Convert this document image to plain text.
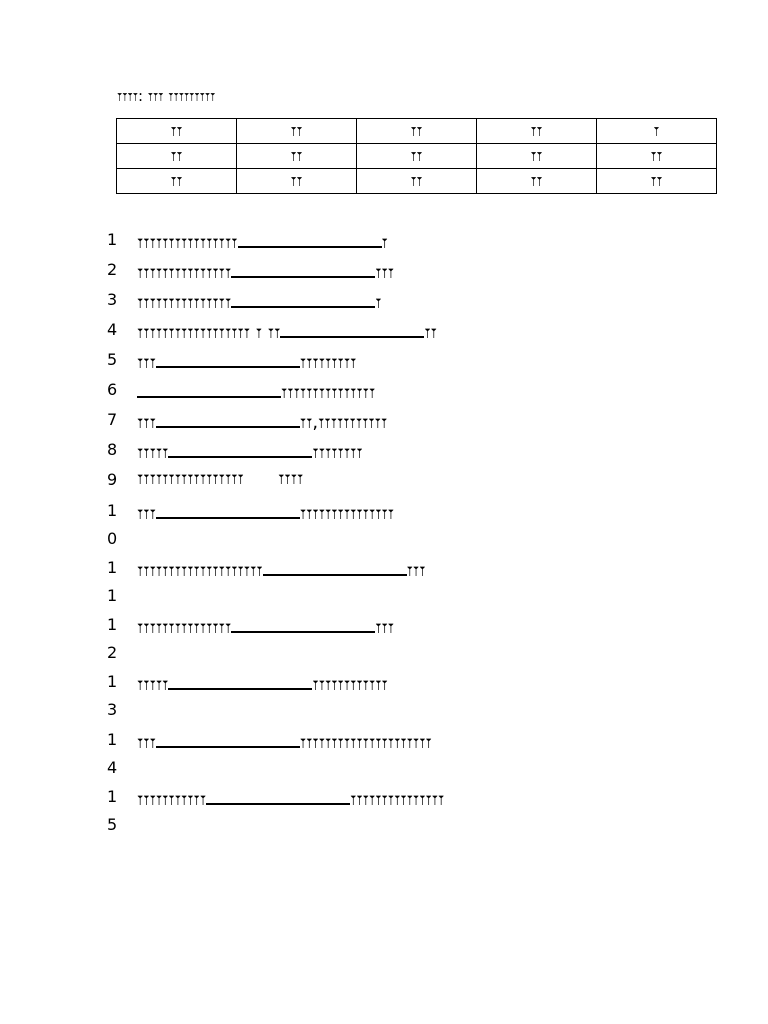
𐏑𐏑𐏑𐏑: 𐏑𐏑𐏑 𐏑𐏑𐏑𐏑𐏑𐏑𐏑𐏑𐏑
𐏑𐏑	𐏑𐏑	𐏑𐏑	𐏑𐏑	𐏑
𐏑𐏑	𐏑𐏑	𐏑𐏑	𐏑𐏑	𐏑𐏑
𐏑𐏑	𐏑𐏑	𐏑𐏑	𐏑𐏑	𐏑𐏑
1	𐏑𐏑𐏑𐏑𐏑𐏑𐏑𐏑𐏑𐏑𐏑𐏑𐏑𐏑𐏑𐏑	𐏑
2	𐏑𐏑𐏑𐏑𐏑𐏑𐏑𐏑𐏑𐏑𐏑𐏑𐏑𐏑𐏑	𐏑𐏑𐏑
3	𐏑𐏑𐏑𐏑𐏑𐏑𐏑𐏑𐏑𐏑𐏑𐏑𐏑𐏑𐏑	𐏑
4	𐏑𐏑𐏑𐏑𐏑𐏑𐏑𐏑𐏑𐏑𐏑𐏑𐏑𐏑𐏑𐏑𐏑𐏑 𐏑 𐏑𐏑	𐏑𐏑
5	𐏑𐏑𐏑	𐏑𐏑𐏑𐏑𐏑𐏑𐏑𐏑𐏑
6	𐏑𐏑𐏑𐏑𐏑𐏑𐏑𐏑𐏑𐏑𐏑𐏑𐏑𐏑𐏑
7	𐏑𐏑𐏑	𐏑𐏑,𐏑𐏑𐏑𐏑𐏑𐏑𐏑𐏑𐏑𐏑𐏑
8	𐏑𐏑𐏑𐏑𐏑	𐏑𐏑𐏑𐏑𐏑𐏑𐏑𐏑
9	𐏑𐏑𐏑𐏑𐏑𐏑𐏑𐏑𐏑𐏑𐏑𐏑𐏑𐏑𐏑𐏑𐏑      𐏑𐏑𐏑𐏑
10
𐏑𐏑𐏑	𐏑𐏑𐏑𐏑𐏑𐏑𐏑𐏑𐏑𐏑𐏑𐏑𐏑𐏑𐏑
11
𐏑𐏑𐏑𐏑𐏑𐏑𐏑𐏑𐏑𐏑𐏑𐏑𐏑𐏑𐏑𐏑𐏑𐏑𐏑𐏑	𐏑𐏑𐏑
12
𐏑𐏑𐏑𐏑𐏑𐏑𐏑𐏑𐏑𐏑𐏑𐏑𐏑𐏑𐏑	𐏑𐏑𐏑
13
𐏑𐏑𐏑𐏑𐏑	𐏑𐏑𐏑𐏑𐏑𐏑𐏑𐏑𐏑𐏑𐏑𐏑
14
𐏑𐏑𐏑	𐏑𐏑𐏑𐏑𐏑𐏑𐏑𐏑𐏑𐏑𐏑𐏑𐏑𐏑𐏑𐏑𐏑𐏑𐏑𐏑𐏑
15
𐏑𐏑𐏑𐏑𐏑𐏑𐏑𐏑𐏑𐏑𐏑	𐏑𐏑𐏑𐏑𐏑𐏑𐏑𐏑𐏑𐏑𐏑𐏑𐏑𐏑𐏑
